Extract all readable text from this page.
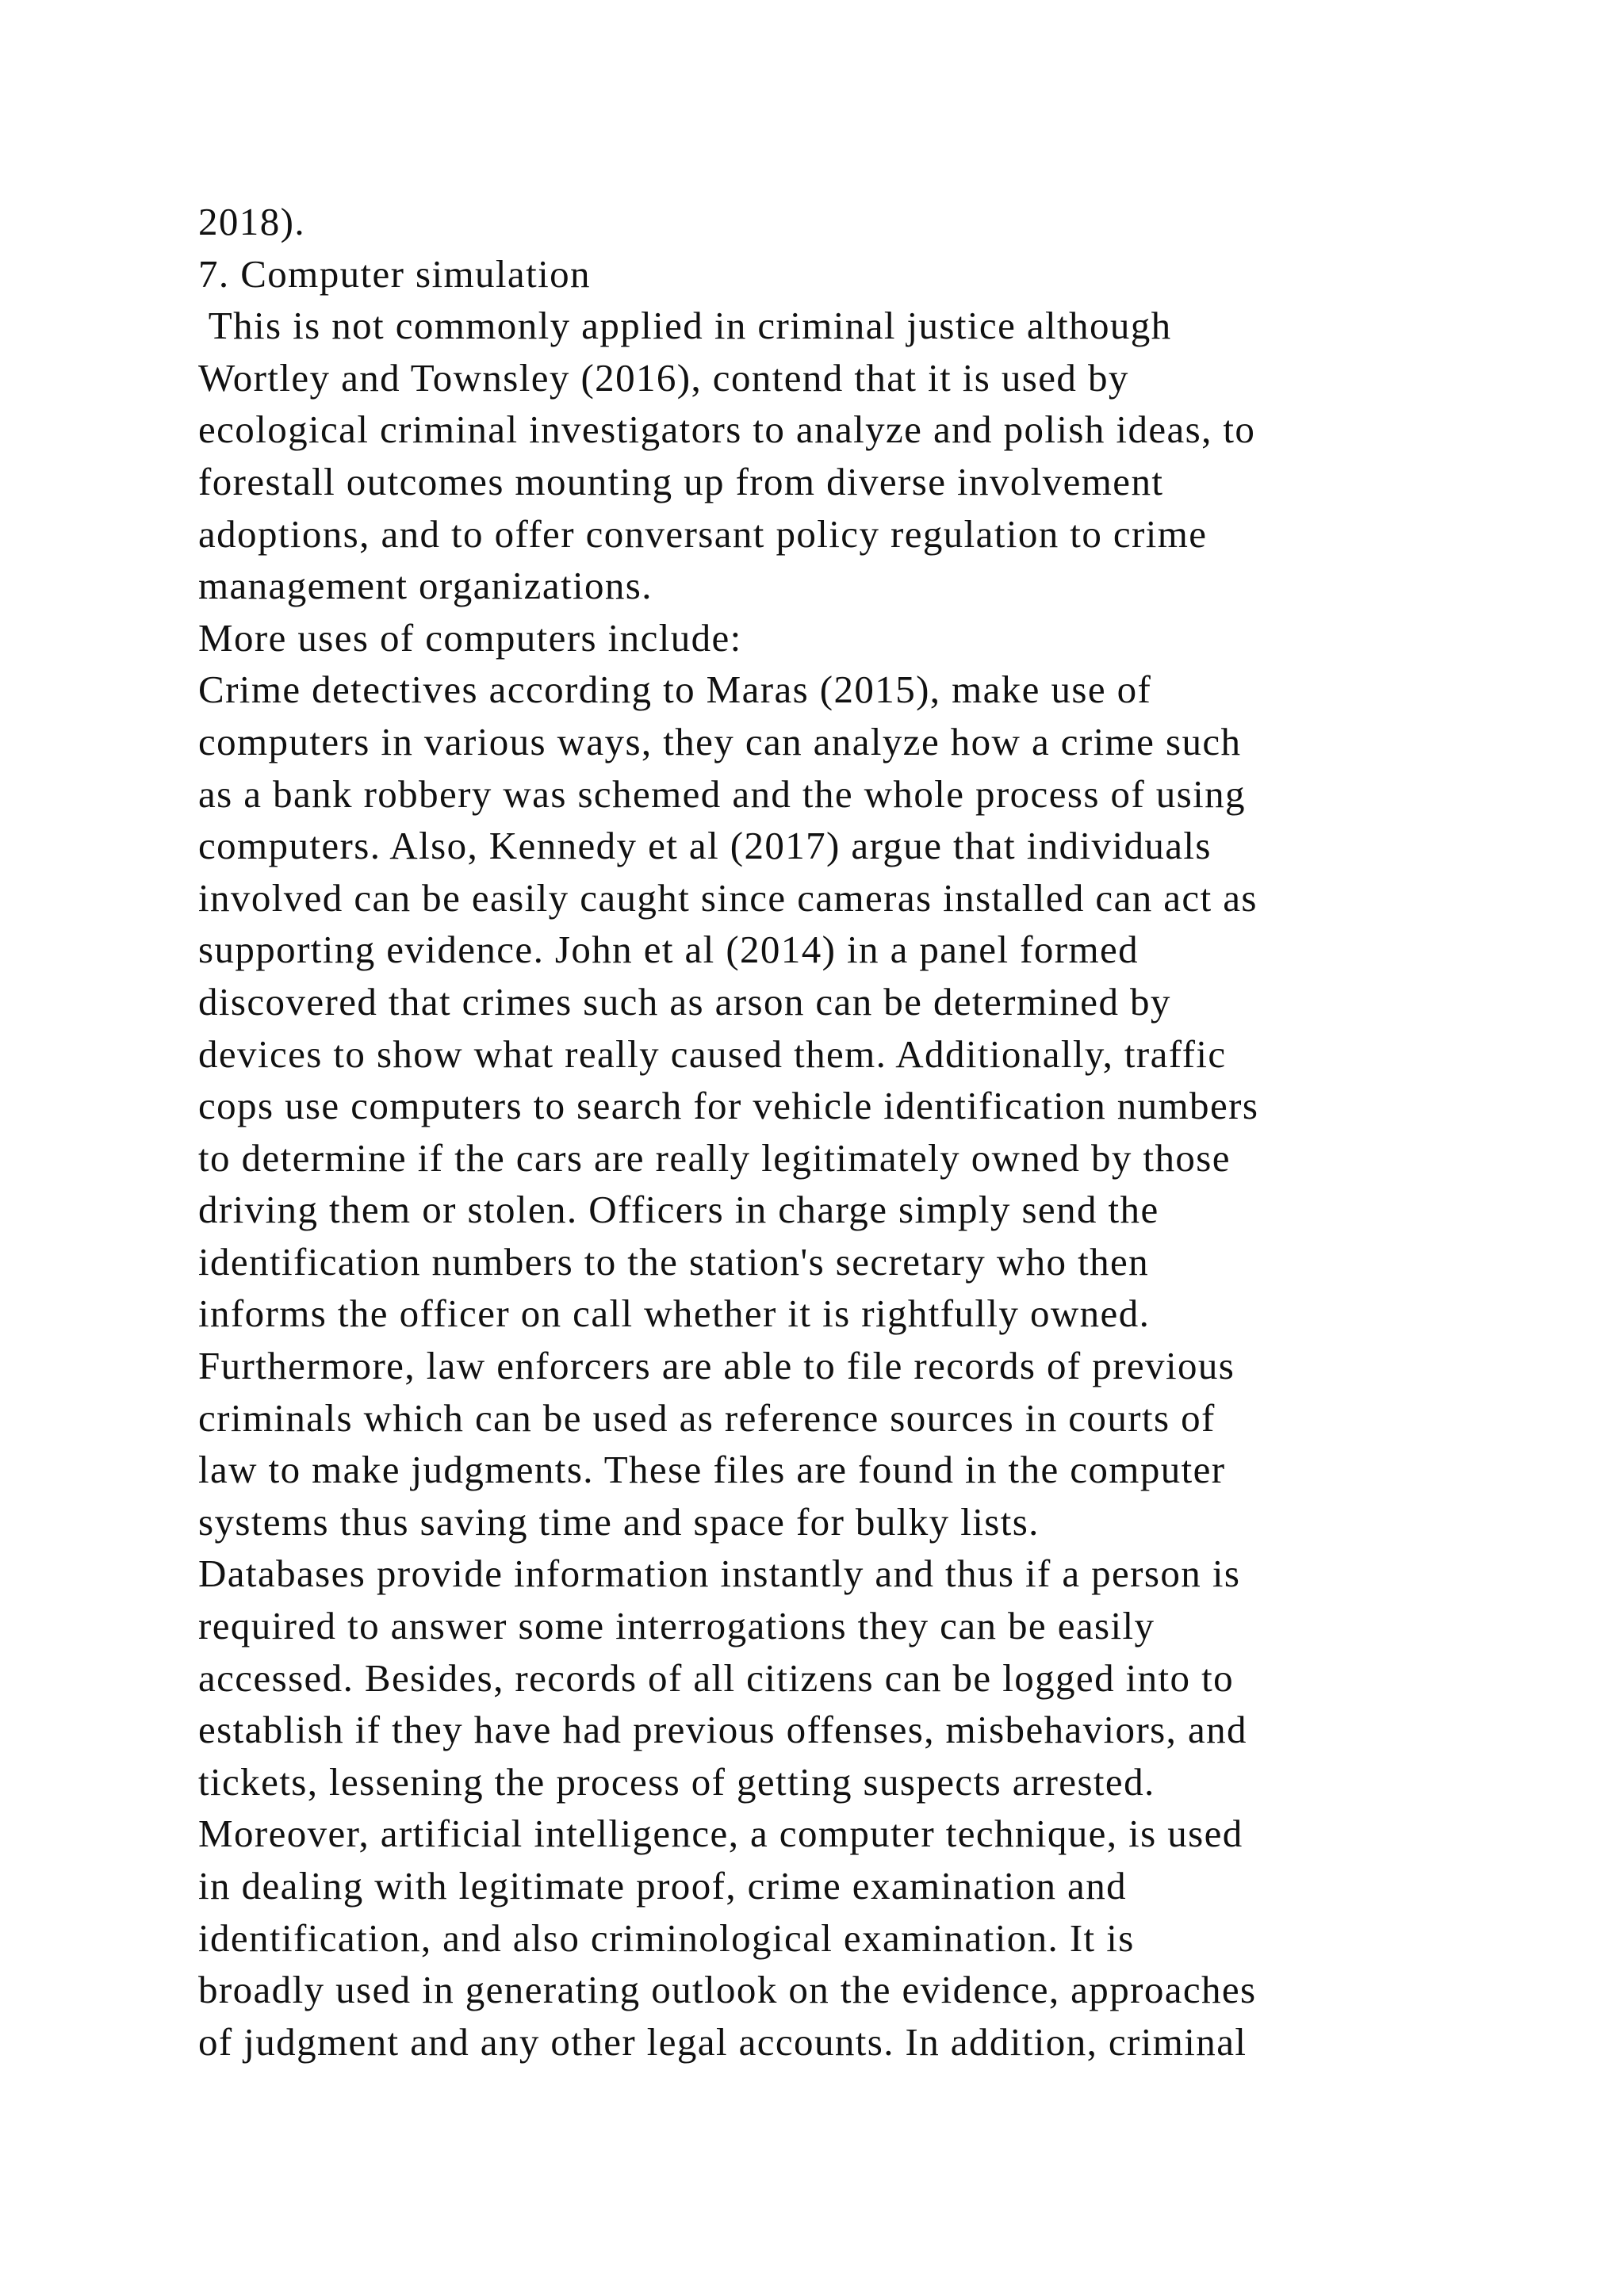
2018).
7. Computer simulation
This is not commonly applied in criminal justice although
Wortley and Townsley (2016), contend that it is used by
ecological criminal investigators to analyze and polish ideas, to
forestall outcomes mounting up from diverse involvement
adoptions, and to offer conversant policy regulation to crime
management organizations.
More uses of computers include:
Crime detectives according to Maras (2015), make use of
computers in various ways, they can analyze how a crime such
as a bank robbery was schemed and the whole process of using
computers. Also, Kennedy et al (2017) argue that individuals
involved can be easily caught since cameras installed can act as
supporting evidence. John et al (2014) in a panel formed
discovered that crimes such as arson can be determined by
devices to show what really caused them. Additionally, traffic
cops use computers to search for vehicle identification numbers
to determine if the cars are really legitimately owned by those
driving them or stolen. Officers in charge simply send the
identification numbers to the station's secretary who then
informs the officer on call whether it is rightfully owned.
Furthermore, law enforcers are able to file records of previous
criminals which can be used as reference sources in courts of
law to make judgments. These files are found in the computer
systems thus saving time and space for bulky lists.
Databases provide information instantly and thus if a person is
required to answer some interrogations they can be easily
accessed. Besides, records of all citizens can be logged into to
establish if they have had previous offenses, misbehaviors, and
tickets, lessening the process of getting suspects arrested.
Moreover, artificial intelligence, a computer technique, is used
in dealing with legitimate proof, crime examination and
identification, and also criminological examination. It is
broadly used in generating outlook on the evidence, approaches
of judgment and any other legal accounts. In addition, criminal
